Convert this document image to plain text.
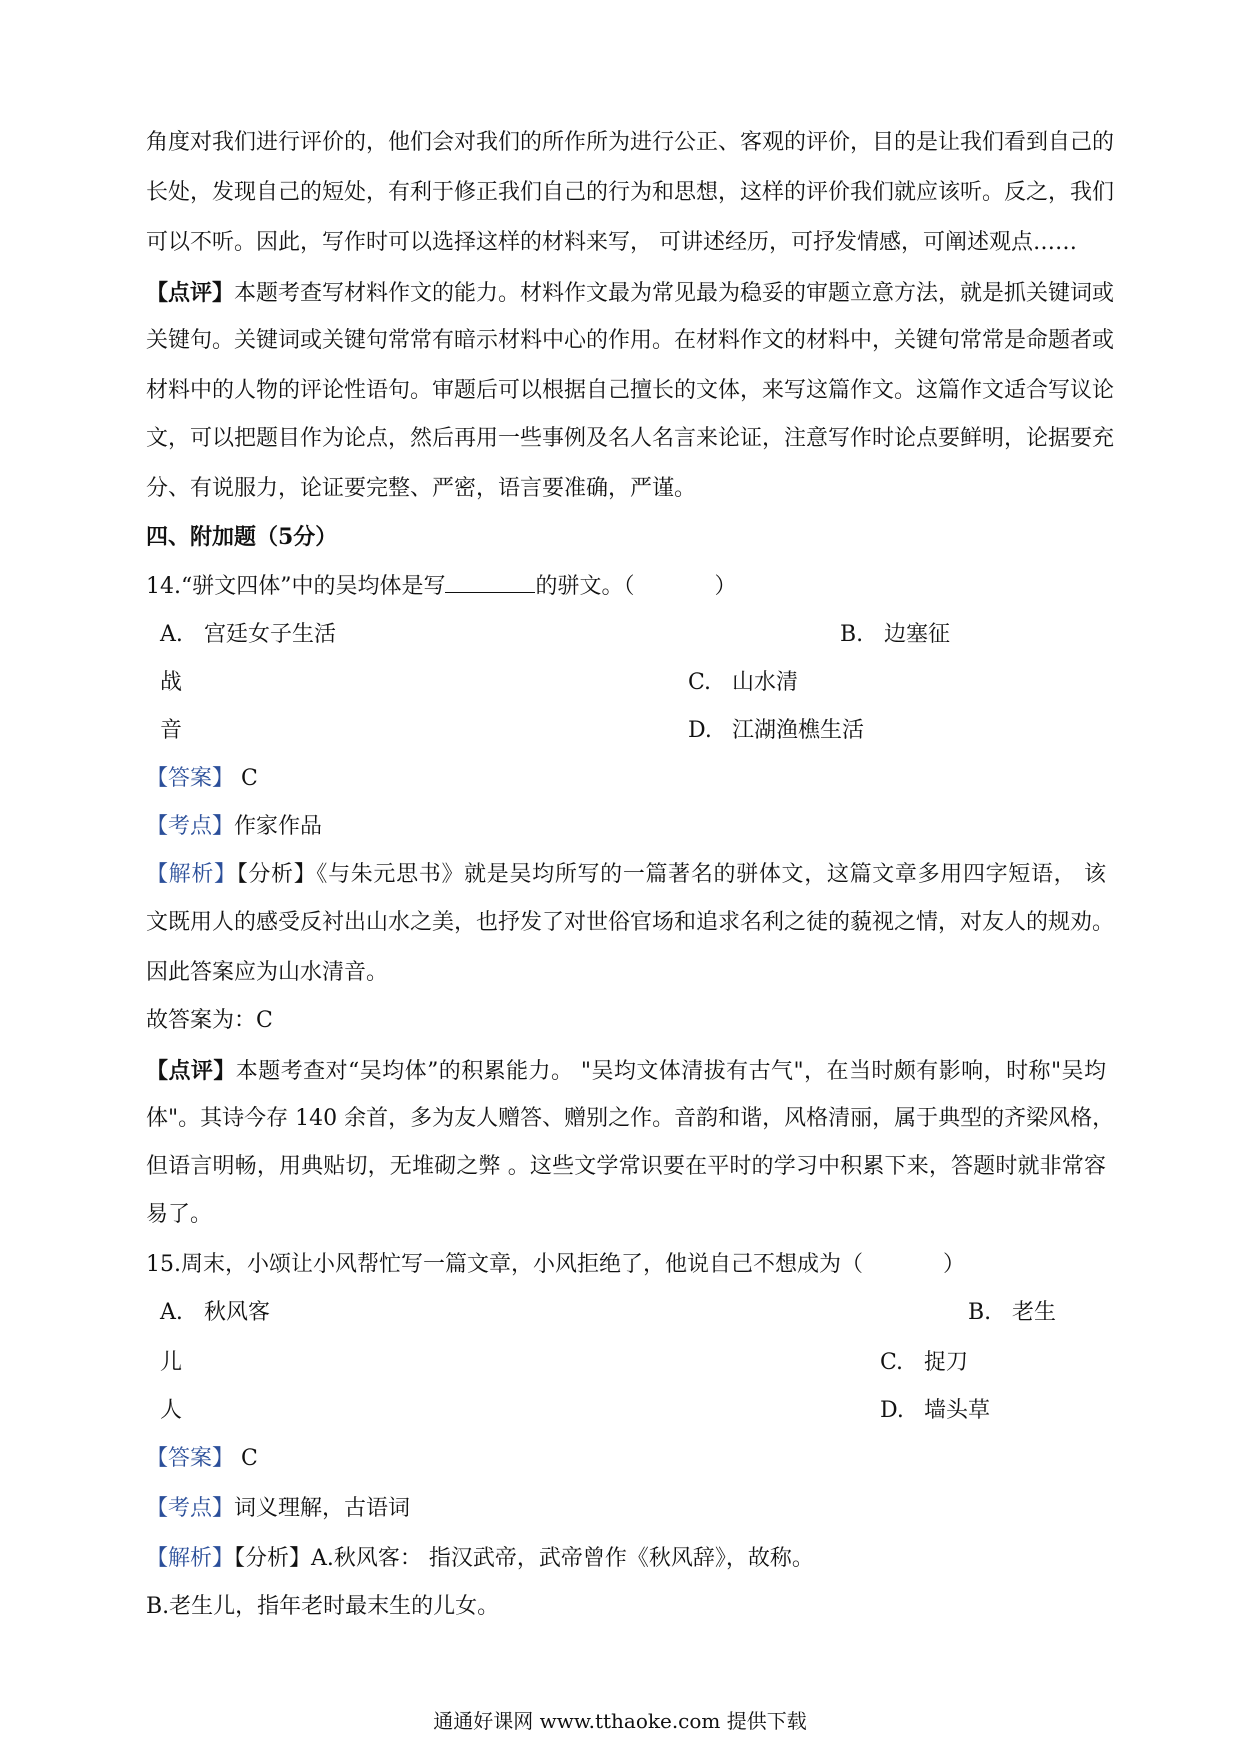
角度对我们进行评价的，他们会对我们的所作所为进行公正、客观的评价，目的是让我们看到自己的
长处，发现自己的短处，有利于修正我们自己的行为和思想，这样的评价我们就应该听。反之，我们
可以不听。因此，写作时可以选择这样的材料来写， 可讲述经历，可抒发情感，可阐述观点……
【点评】本题考查写材料作文的能力。材料作文最为常见最为稳妥的审题立意方法，就是抓关键词或
关键句。关键词或关键句常常有暗示材料中心的作用。在材料作文的材料中，关键句常常是命题者或
材料中的人物的评论性语句。审题后可以根据自己擅长的文体，来写这篇作文。这篇作文适合写议论
文，可以把题目作为论点，然后再用一些事例及名人名言来论证，注意写作时论点要鲜明，论据要充
分、有说服力，论证要完整、严密，语言要准确，严谨。
四、附加题（5分）
14.“骈文四体”中的吴均体是写	的骈文。（	）
A. 宫廷女子生活	B. 边塞征
战	C. 山水清
音	D. 江湖渔樵生活
【答案】 C
【考点】作家作品
【解析】【分析】《与朱元思书》就是吴均所写的一篇著名的骈体文，这篇文章多用四字短语， 该
文既用人的感受反衬出山水之美，也抒发了对世俗官场和追求名利之徒的藐视之情，对友人的规劝。
因此答案应为山水清音。
故答案为：C
【点评】本题考查对“吴均体”的积累能力。 "吴均文体清拔有古气"，在当时颇有影响，时称"吴均
体"。其诗今存 140 余首，多为友人赠答、赠别之作。音韵和谐，风格清丽，属于典型的齐梁风格，
但语言明畅，用典贴切，无堆砌之弊 。这些文学常识要在平时的学习中积累下来，答题时就非常容
易了。
15.周末，小颂让小风帮忙写一篇文章，小风拒绝了，他说自己不想成为（	）
A. 秋风客	B. 老生
儿	C. 捉刀
人	D. 墙头草
【答案】 C
【考点】词义理解，古语词
【解析】【分析】A.秋风客： 指汉武帝，武帝曾作《秋风辞》，故称。
B.老生儿，指年老时最末生的儿女。
通通好课网 www.tthaoke.com 提供下载
